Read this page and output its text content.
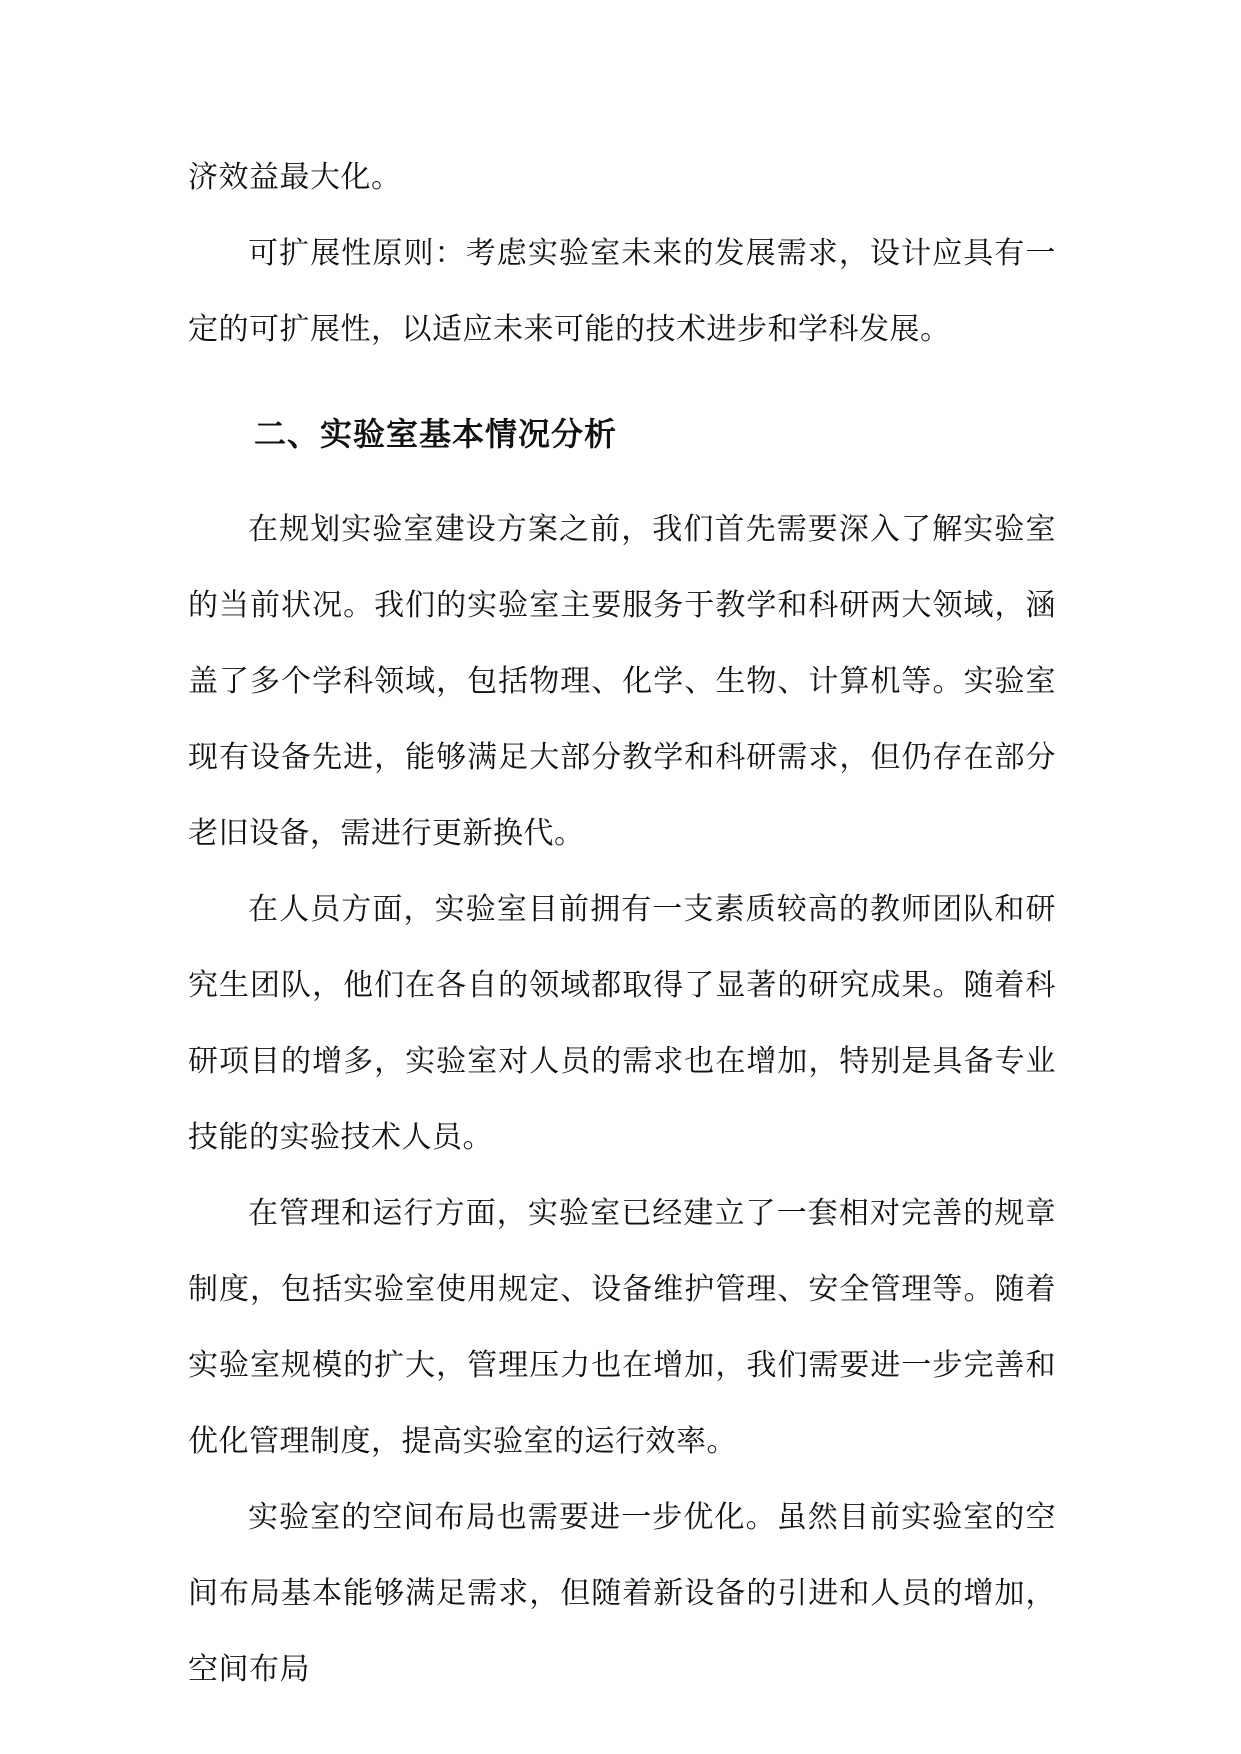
济效益最大化。

可扩展性原则：考虑实验室未来的发展需求，设计应具有一定的可扩展性，以适应未来可能的技术进步和学科发展。

二、实验室基本情况分析

在规划实验室建设方案之前，我们首先需要深入了解实验室的当前状况。我们的实验室主要服务于教学和科研两大领域，涵盖了多个学科领域，包括物理、化学、生物、计算机等。实验室现有设备先进，能够满足大部分教学和科研需求，但仍存在部分老旧设备，需进行更新换代。

在人员方面，实验室目前拥有一支素质较高的教师团队和研究生团队，他们在各自的领域都取得了显著的研究成果。随着科研项目的增多，实验室对人员的需求也在增加，特别是具备专业技能的实验技术人员。

在管理和运行方面，实验室已经建立了一套相对完善的规章制度，包括实验室使用规定、设备维护管理、安全管理等。随着实验室规模的扩大，管理压力也在增加，我们需要进一步完善和优化管理制度，提高实验室的运行效率。

实验室的空间布局也需要进一步优化。虽然目前实验室的空间布局基本能够满足需求，但随着新设备的引进和人员的增加，空间布局
